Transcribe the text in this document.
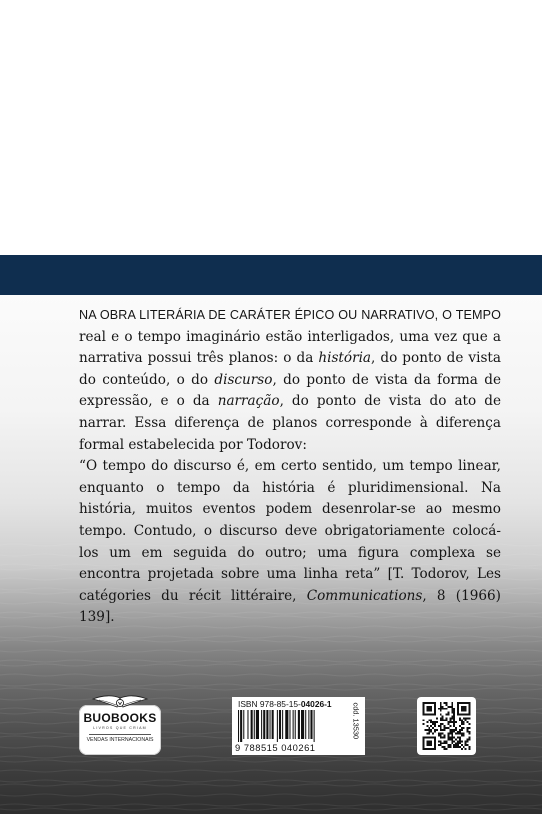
NA OBRA LITERÁRIA DE CARÁTER ÉPICO OU NARRATIVO, O TEMPO real e o tempo imaginário estão interligados, uma vez que a narrativa possui três planos: o da história, do ponto de vista do conteúdo, o do discurso, do ponto de vista da forma de expressão, e o da narração, do ponto de vista do ato de narrar. Essa diferença de planos corresponde à diferença formal estabelecida por Todorov:

“O tempo do discurso é, em certo sentido, um tempo linear, enquanto o tempo da história é pluridimensional. Na história, muitos eventos podem desenrolar-se ao mesmo tempo. Contudo, o discurso deve obrigatoriamente colocá-los um em seguida do outro; uma figura complexa se encontra projetada sobre uma linha reta” [T. Todorov, Les catégories du récit littéraire, Communications, 8 (1966) 139].

BUOBOOKS
LIVROS QUE CRIAM
VENDAS INTERNACIONAIS
ISBN 978-85-15-04026-1
9 788515 040261
cdd. 13530
